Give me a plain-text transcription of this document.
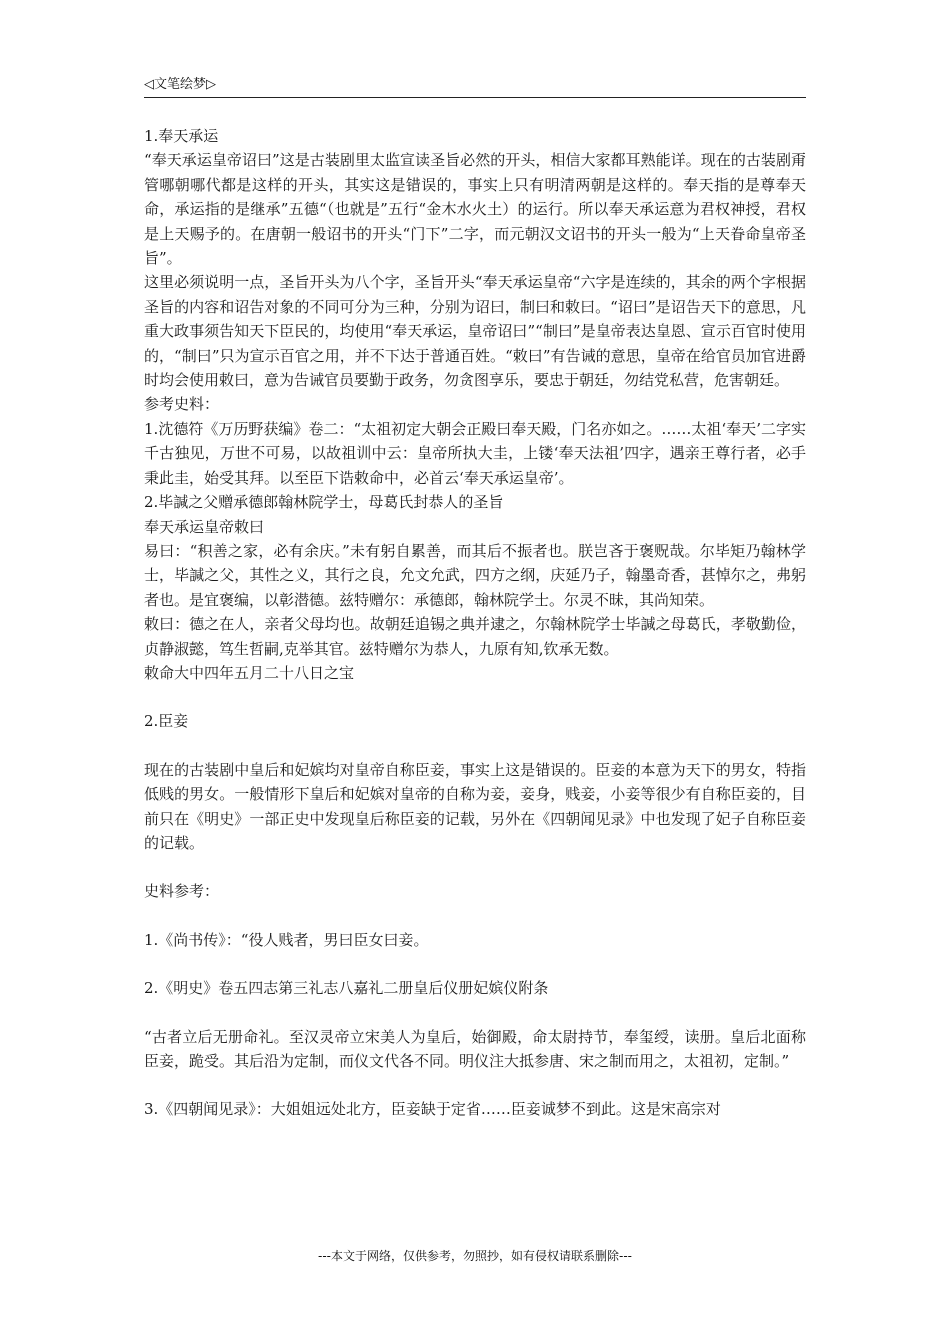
◁文笔绘梦▷

1.奉天承运

“奉天承运皇帝诏曰”这是古装剧里太监宣读圣旨必然的开头，相信大家都耳熟能详。现在的古装剧甭管哪朝哪代都是这样的开头，其实这是错误的，事实上只有明清两朝是这样的。奉天指的是尊奉天命，承运指的是继承”五德“（也就是”五行“金木水火土）的运行。所以奉天承运意为君权神授，君权是上天赐予的。在唐朝一般诏书的开头“门下”二字，而元朝汉文诏书的开头一般为“上天眷命皇帝圣旨”。

这里必须说明一点，圣旨开头为八个字，圣旨开头“奉天承运皇帝“六字是连续的，其余的两个字根据圣旨的内容和诏告对象的不同可分为三种，分别为诏曰，制曰和敕曰。“诏曰”是诏告天下的意思，凡重大政事须告知天下臣民的，均使用“奉天承运，皇帝诏曰”“制曰”是皇帝表达皇恩、宣示百官时使用的，“制曰”只为宣示百官之用，并不下达于普通百姓。“敕曰”有告诫的意思，皇帝在给官员加官进爵时均会使用敕曰，意为告诫官员要勤于政务，勿贪图享乐，要忠于朝廷，勿结党私营，危害朝廷。

参考史料：

1.沈德符《万历野获编》卷二：“太祖初定大朝会正殿曰奉天殿，门名亦如之。……太祖‘奉天’二字实千古独见，万世不可易，以故祖训中云：皇帝所执大圭，上镂‘奉天法祖’四字，遇亲王尊行者，必手秉此圭，始受其拜。以至臣下诰敕命中，必首云‘奉天承运皇帝’。

2.毕諴之父赠承德郎翰林院学士，母葛氏封恭人的圣旨

奉天承运皇帝敕曰

易曰：“积善之家，必有余庆。”未有躬自累善，而其后不振者也。朕岂吝于褒贶哉。尔毕矩乃翰林学士，毕諴之父，其性之义，其行之良，允文允武，四方之纲，庆延乃子，翰墨奇香，甚悼尔之，弗躬者也。是宜褒编，以彰潜德。兹特赠尔：承德郎，翰林院学士。尔灵不昧，其尚知荣。

敕曰：德之在人，亲者父母均也。故朝廷追锡之典并逮之，尔翰林院学士毕諴之母葛氏，孝敬勤俭，贞静淑懿，笃生哲嗣,克举其官。兹特赠尔为恭人，九原有知,钦承无数。

敕命大中四年五月二十八日之宝

2.臣妾

现在的古装剧中皇后和妃嫔均对皇帝自称臣妾，事实上这是错误的。臣妾的本意为天下的男女，特指低贱的男女。一般情形下皇后和妃嫔对皇帝的自称为妾，妾身，贱妾，小妾等很少有自称臣妾的，目前只在《明史》一部正史中发现皇后称臣妾的记载，另外在《四朝闻见录》中也发现了妃子自称臣妾的记载。

史料参考：

1.《尚书传》：“役人贱者，男曰臣女曰妾。

2.《明史》卷五四志第三礼志八嘉礼二册皇后仪册妃嫔仪附条

“古者立后无册命礼。至汉灵帝立宋美人为皇后，始御殿，命太尉持节，奉玺绶，读册。皇后北面称臣妾，跪受。其后沿为定制，而仪文代各不同。明仪注大抵参唐、宋之制而用之，太祖初，定制。”

3.《四朝闻见录》：大姐姐远处北方，臣妾缺于定省……臣妾诚梦不到此。这是宋高宗对

---本文于网络，仅供参考，勿照抄，如有侵权请联系删除---
